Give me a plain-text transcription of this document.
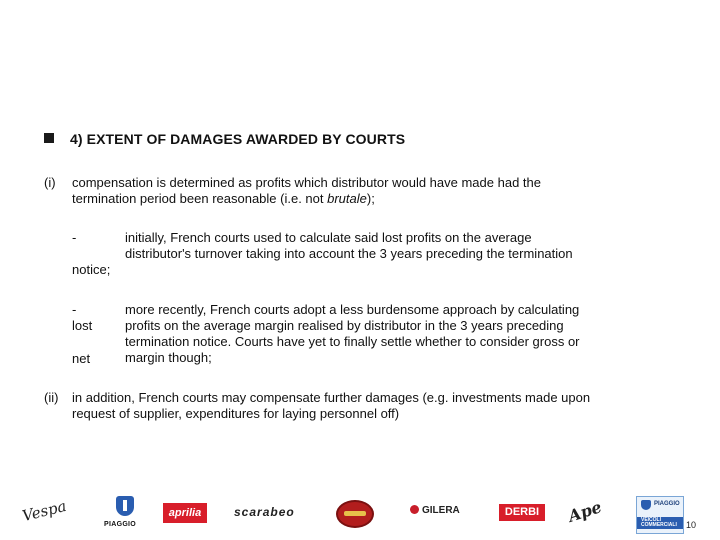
4) EXTENT OF DAMAGES AWARDED BY COURTS
(i) compensation is determined as profits which distributor would have made had the
termination period been reasonable (i.e. not brutale);
-	initially, French courts used to calculate said lost profits on the average
distributor's turnover taking into account the 3 years preceding the termination
notice;
-
lost
net
more recently, French courts adopt a less burdensome approach by calculating
profits on the average margin realised by distributor in the 3 years preceding
termination notice. Courts have yet to finally settle whether to consider gross or
margin though;
(ii) in addition, French courts may compensate further damages (e.g. investments made upon
request of supplier, expenditures for laying personnel off)
Vespa	PIAGGIO
aprilia	scarabeo	GILERA	DERBI	Ape	PIAGGIO
VEICOLI COMMERCIALI	10
